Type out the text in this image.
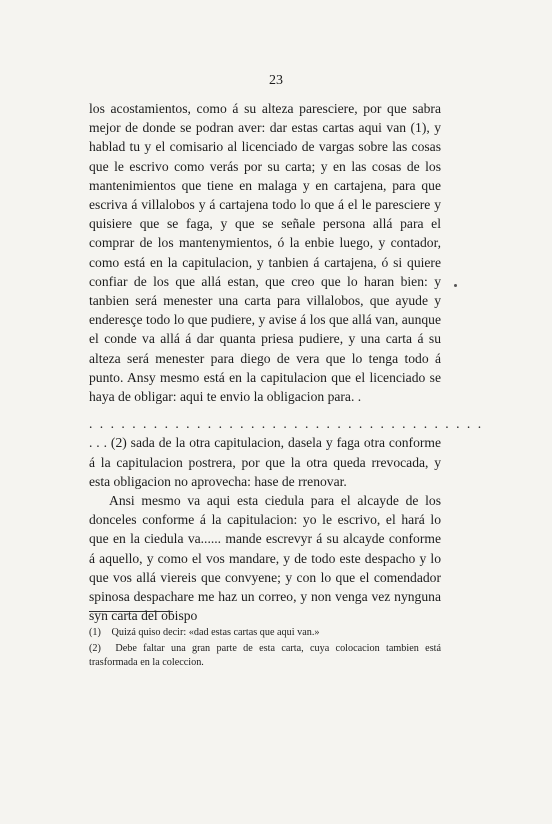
23

los acostamientos, como á su alteza paresciere, por que sabra mejor de donde se podran aver: dar estas cartas aqui van (1), y hablad tu y el comisario al licenciado de vargas sobre las cosas que le escrivo como verás por su carta; y en las cosas de los mantenimientos que tiene en malaga y en cartajena, para que escriva á villalobos y á cartajena todo lo que á el le paresciere y quisiere que se faga, y que se señale persona allá para el comprar de los mantenymientos, ó la enbie luego, y contador, como está en la capitulacion, y tanbien á cartajena, ó si quiere confiar de los que allá estan, que creo que lo haran bien: y tanbien será menester una carta para villalobos, que ayude y enderesçe todo lo que pudiere, y avise á los que allá van, aunque el conde va allá á dar quanta priesa pudiere, y una carta á su alteza será menester para diego de vera que lo tenga todo á punto. Ansy mesmo está en la capitulacion que el licenciado se haya de obligar: aqui te envio la obligacion para. .

. . . . . . . . . . . . . . . . . . . . . . . . . . . . . . . . . . . . .

. . . (2) sada de la otra capitulacion, dasela y faga otra conforme á la capitulacion postrera, por que la otra queda rrevocada, y esta obligacion no aprovecha: hase de rrenovar.

Ansi mesmo va aqui esta ciedula para el alcayde de los donceles conforme á la capitulacion: yo le escrivo, el hará lo que en la ciedula va...... mande escrevyr á su alcayde conforme á aquello, y como el vos mandare, y de todo este despacho y lo que vos allá viereis que convyene; y con lo que el comendador spinosa despachare me haz un correo, y non venga vez nynguna syn carta del obispo

(1) Quizá quiso decir: «dad estas cartas que aqui van.»

(2) Debe faltar una gran parte de esta carta, cuya colocacion tambien está trasformada en la coleccion.
